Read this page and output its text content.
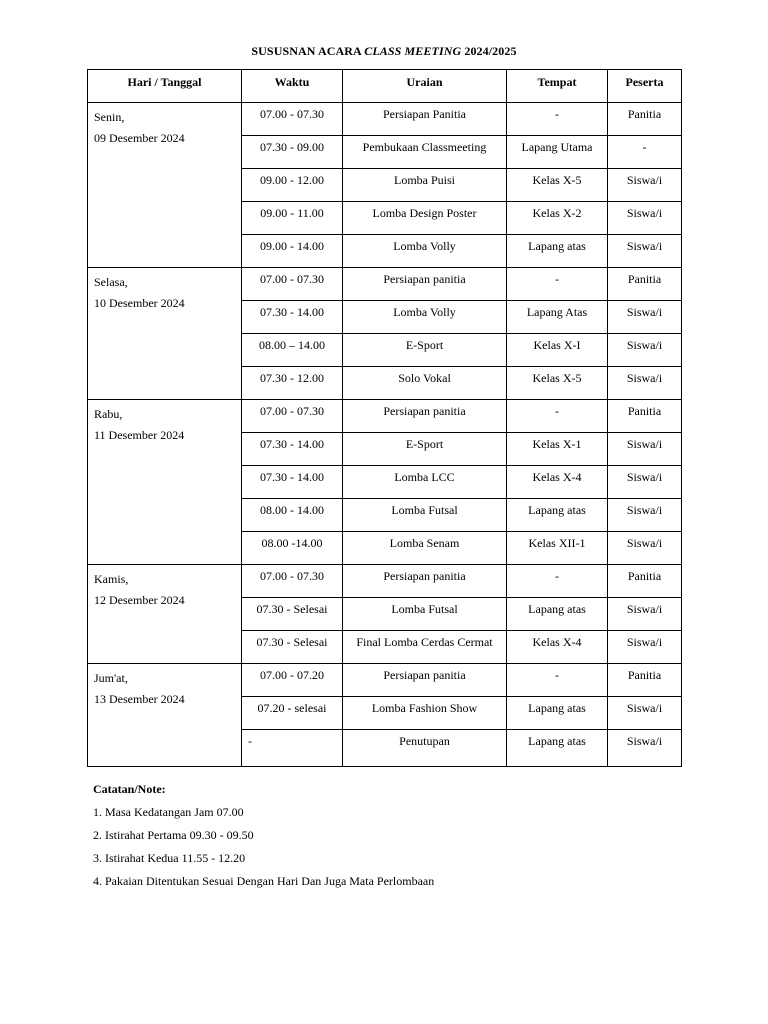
SUSUSNAN ACARA CLASS MEETING 2024/2025
Hari / Tanggal	Waktu	Uraian	Tempat	Peserta

Senin,
09 Desember 2024	07.00 - 07.30	Persiapan Panitia	-	Panitia
	07.30 - 09.00	Pembukaan Classmeeting	Lapang Utama	-
	09.00 - 12.00	Lomba Puisi	Kelas X-5	Siswa/i
	09.00 - 11.00	Lomba Design Poster	Kelas X-2	Siswa/i
	09.00 - 14.00	Lomba Volly	Lapang atas	Siswa/i

Selasa,
10 Desember 2024	07.00 - 07.30	Persiapan panitia	-	Panitia
	07.30 - 14.00	Lomba Volly	Lapang Atas	Siswa/i
	08.00 – 14.00	E-Sport	Kelas X-I	Siswa/i
	07.30 - 12.00	Solo Vokal	Kelas X-5	Siswa/i

Rabu,
11 Desember 2024	07.00 - 07.30	Persiapan panitia	-	Panitia
	07.30 - 14.00	E-Sport	Kelas X-1	Siswa/i
	07.30 - 14.00	Lomba LCC	Kelas X-4	Siswa/i
	08.00 - 14.00	Lomba Futsal	Lapang atas	Siswa/i
	08.00 -14.00	Lomba Senam	Kelas XII-1	Siswa/i

Kamis,
12 Desember 2024	07.00 - 07.30	Persiapan panitia	-	Panitia
	07.30 - Selesai	Lomba Futsal	Lapang atas	Siswa/i
	07.30 - Selesai	Final Lomba Cerdas Cermat	Kelas X-4	Siswa/i

Jum'at,
13 Desember 2024	07.00 - 07.20	Persiapan panitia	-	Panitia
	07.20 - selesai	Lomba Fashion Show	Lapang atas	Siswa/i
	-	Penutupan	Lapang atas	Siswa/i
Catatan/Note:
1. Masa Kedatangan Jam 07.00
2. Istirahat Pertama 09.30 - 09.50
3. Istirahat Kedua 11.55 - 12.20
4. Pakaian Ditentukan Sesuai Dengan Hari Dan Juga Mata Perlombaan
